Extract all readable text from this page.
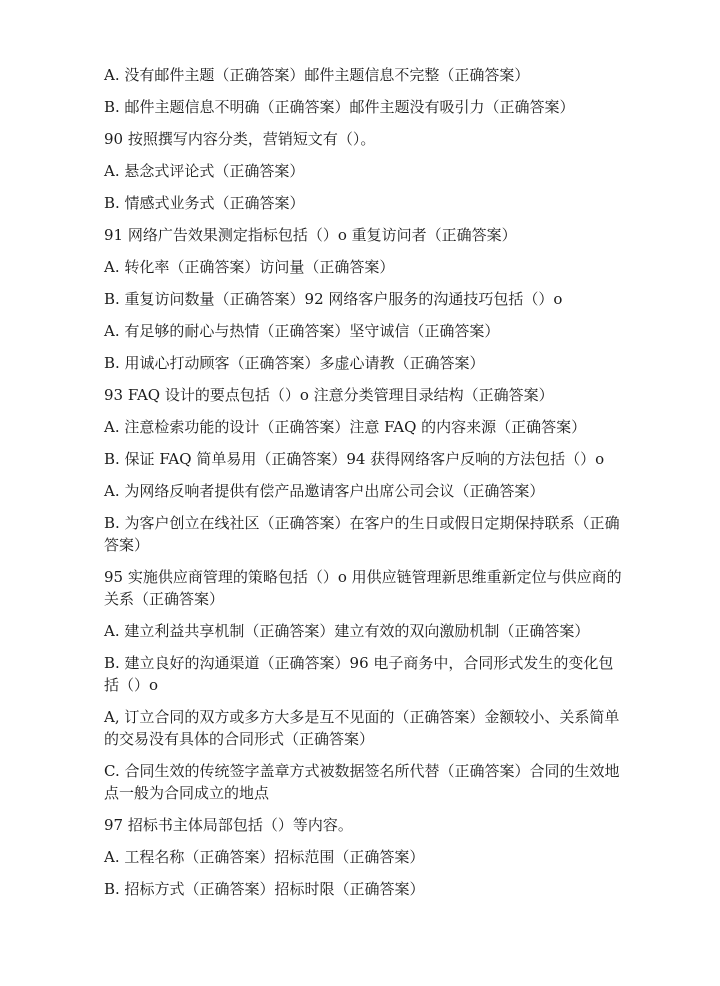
A. 没有邮件主题（正确答案）邮件主题信息不完整（正确答案）
B. 邮件主题信息不明确（正确答案）邮件主题没有吸引力（正确答案）
90 按照撰写内容分类，营销短文有（）。
A. 悬念式评论式（正确答案）
B. 情感式业务式（正确答案）
91 网络广告效果测定指标包括（）o 重复访问者（正确答案）
A. 转化率（正确答案）访问量（正确答案）
B. 重复访问数量（正确答案）92 网络客户服务的沟通技巧包括（）o
A. 有足够的耐心与热情（正确答案）坚守诚信（正确答案）
B. 用诚心打动顾客（正确答案）多虚心请教（正确答案）
93 FAQ 设计的要点包括（）o 注意分类管理目录结构（正确答案）
A. 注意检索功能的设计（正确答案）注意 FAQ 的内容来源（正确答案）
B. 保证 FAQ 简单易用（正确答案）94 获得网络客户反响的方法包括（）o
A. 为网络反响者提供有偿产品邀请客户出席公司会议（正确答案）
B. 为客户创立在线社区（正确答案）在客户的生日或假日定期保持联系（正确答案）
95 实施供应商管理的策略包括（）o 用供应链管理新思维重新定位与供应商的关系（正确答案）
A. 建立利益共享机制（正确答案）建立有效的双向激励机制（正确答案）
B. 建立良好的沟通渠道（正确答案）96 电子商务中，合同形式发生的变化包括（）o
A, 订立合同的双方或多方大多是互不见面的（正确答案）金额较小、关系简单的交易没有具体的合同形式（正确答案）
C. 合同生效的传统签字盖章方式被数据签名所代替（正确答案）合同的生效地点一般为合同成立的地点
97 招标书主体局部包括（）等内容。
A. 工程名称（正确答案）招标范围（正确答案）
B. 招标方式（正确答案）招标时限（正确答案）
